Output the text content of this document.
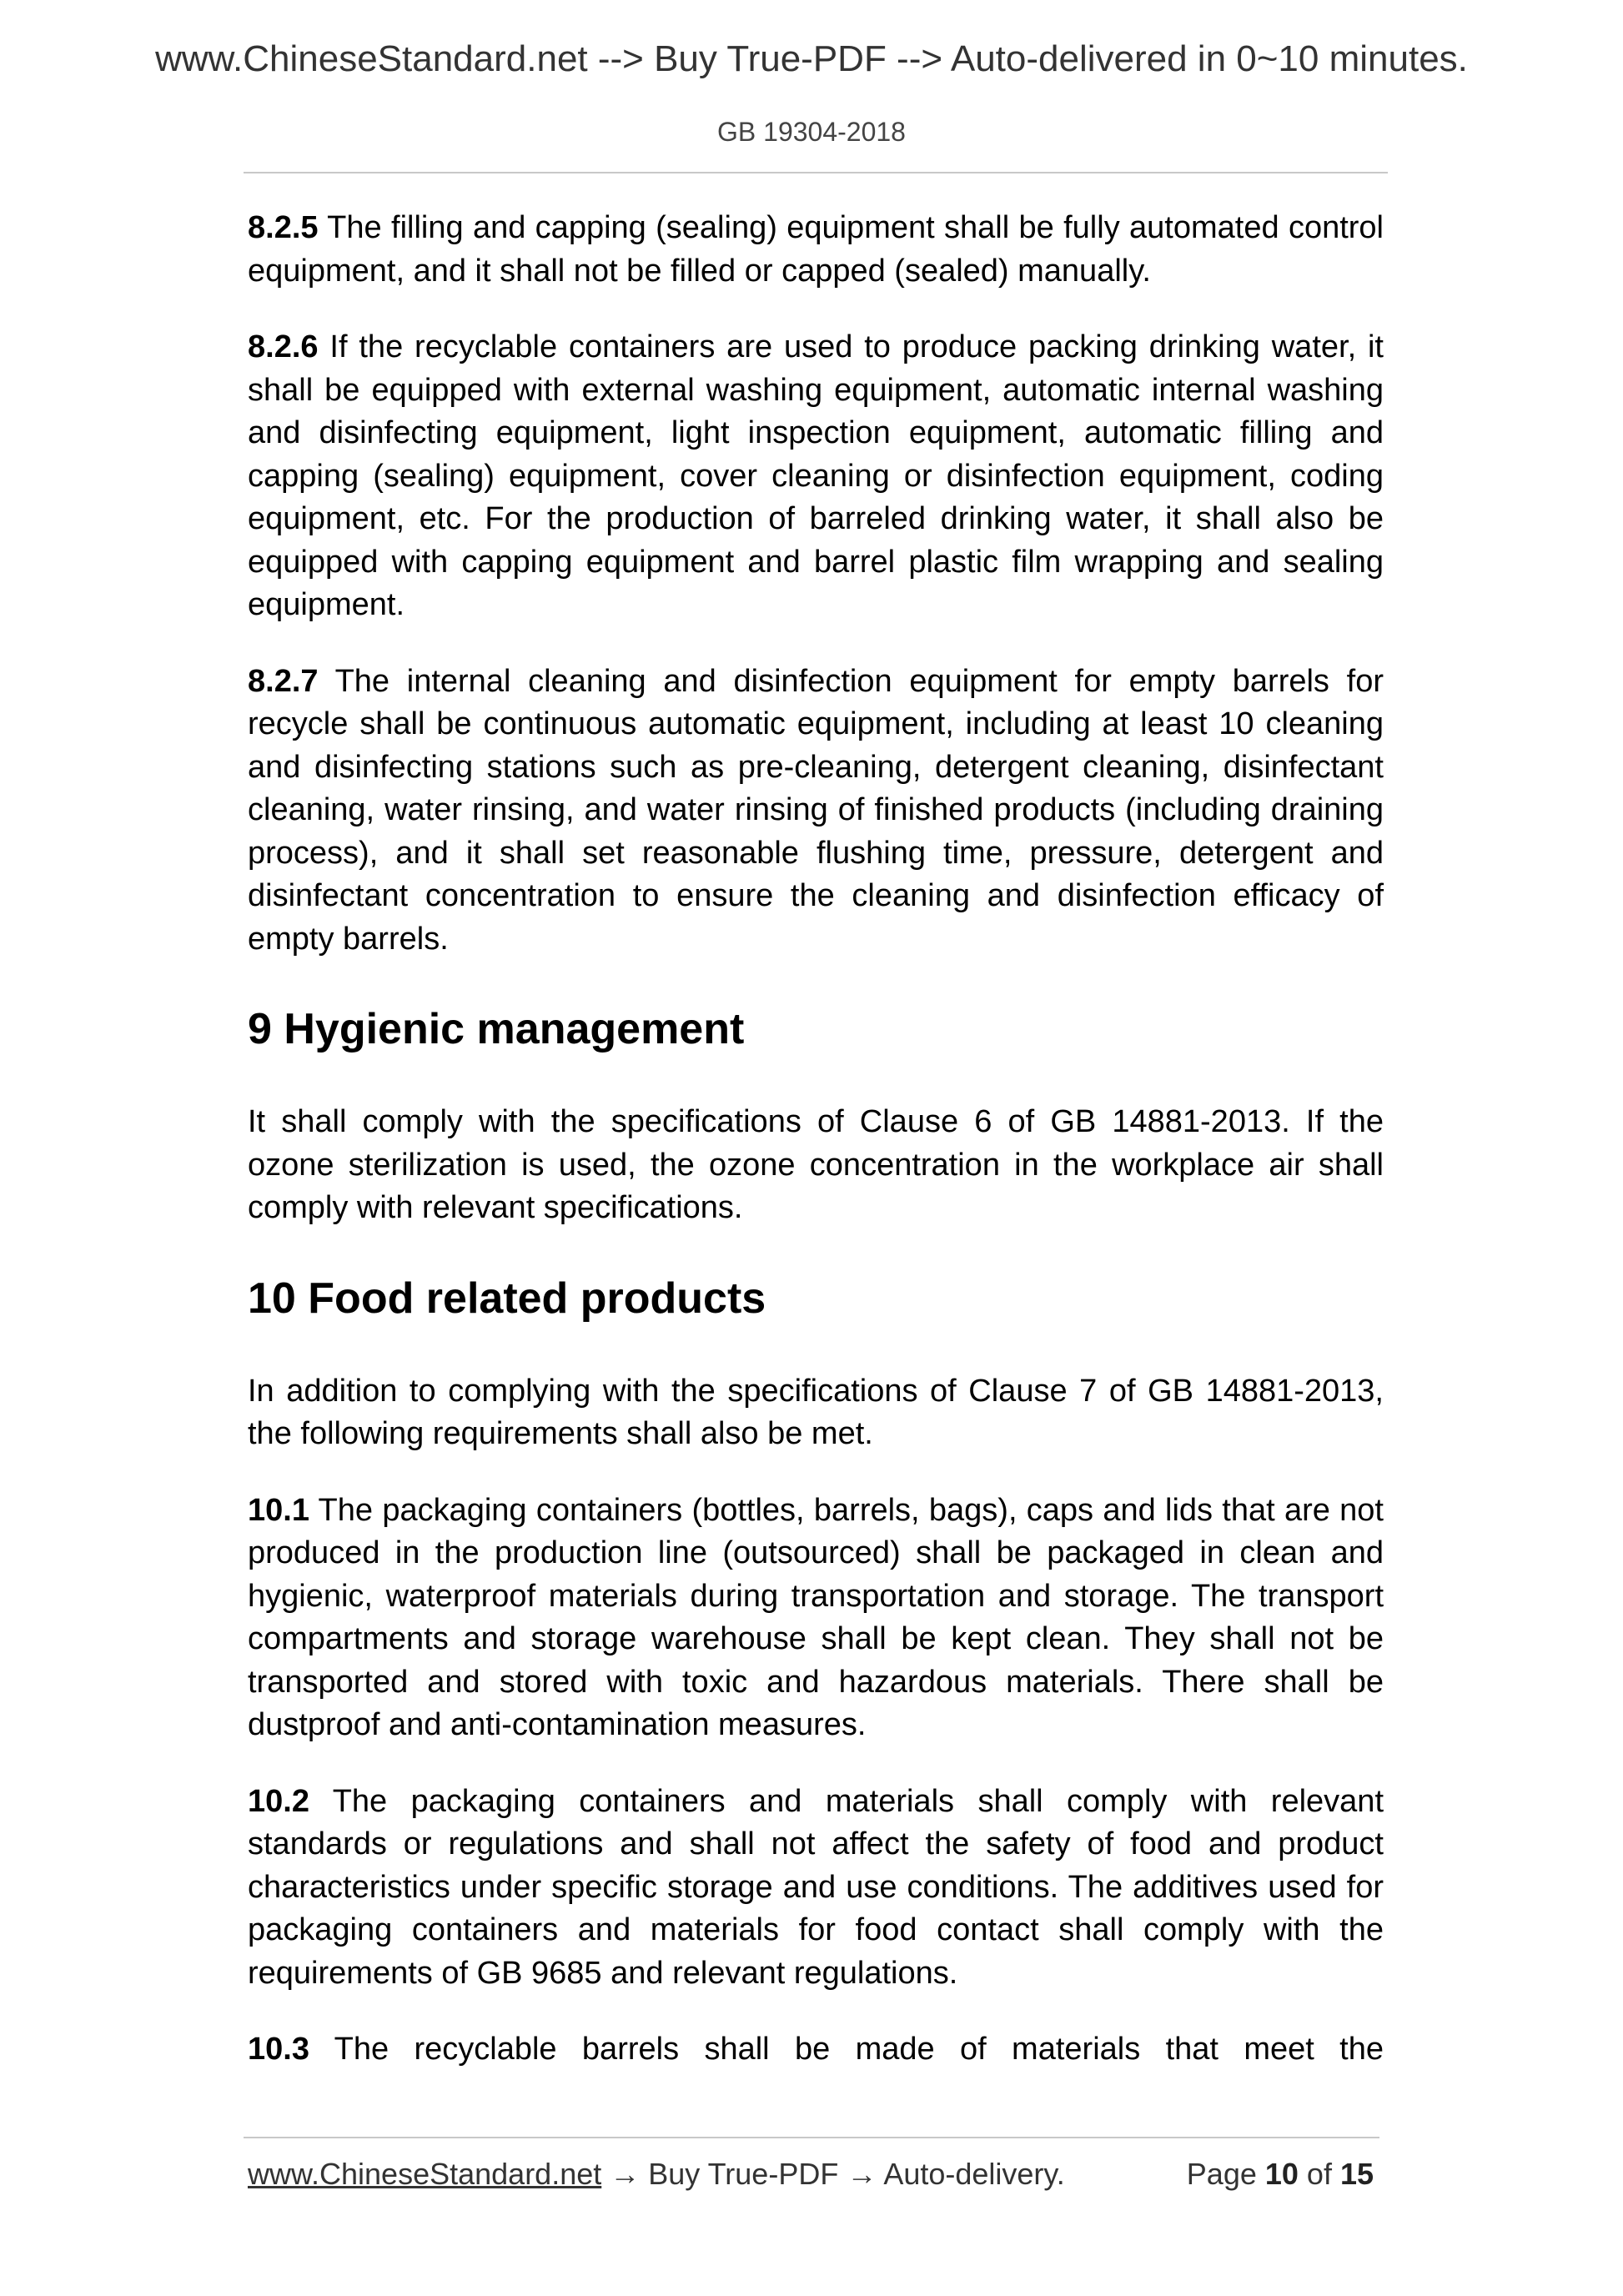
www.ChineseStandard.net --> Buy True-PDF --> Auto-delivered in 0~10 minutes.
GB 19304-2018

8.2.5 The filling and capping (sealing) equipment shall be fully automated control equipment, and it shall not be filled or capped (sealed) manually.

8.2.6 If the recyclable containers are used to produce packing drinking water, it shall be equipped with external washing equipment, automatic internal washing and disinfecting equipment, light inspection equipment, automatic filling and capping (sealing) equipment, cover cleaning or disinfection equipment, coding equipment, etc. For the production of barreled drinking water, it shall also be equipped with capping equipment and barrel plastic film wrapping and sealing equipment.

8.2.7 The internal cleaning and disinfection equipment for empty barrels for recycle shall be continuous automatic equipment, including at least 10 cleaning and disinfecting stations such as pre-cleaning, detergent cleaning, disinfectant cleaning, water rinsing, and water rinsing of finished products (including draining process), and it shall set reasonable flushing time, pressure, detergent and disinfectant concentration to ensure the cleaning and disinfection efficacy of empty barrels.

9 Hygienic management

It shall comply with the specifications of Clause 6 of GB 14881-2013. If the ozone sterilization is used, the ozone concentration in the workplace air shall comply with relevant specifications.

10 Food related products

In addition to complying with the specifications of Clause 7 of GB 14881-2013, the following requirements shall also be met.

10.1 The packaging containers (bottles, barrels, bags), caps and lids that are not produced in the production line (outsourced) shall be packaged in clean and hygienic, waterproof materials during transportation and storage. The transport compartments and storage warehouse shall be kept clean. They shall not be transported and stored with toxic and hazardous materials. There shall be dustproof and anti-contamination measures.

10.2 The packaging containers and materials shall comply with relevant standards or regulations and shall not affect the safety of food and product characteristics under specific storage and use conditions. The additives used for packaging containers and materials for food contact shall comply with the requirements of GB 9685 and relevant regulations.

10.3 The recyclable barrels shall be made of materials that meet the

www.ChineseStandard.net → Buy True-PDF → Auto-delivery.	Page 10 of 15
